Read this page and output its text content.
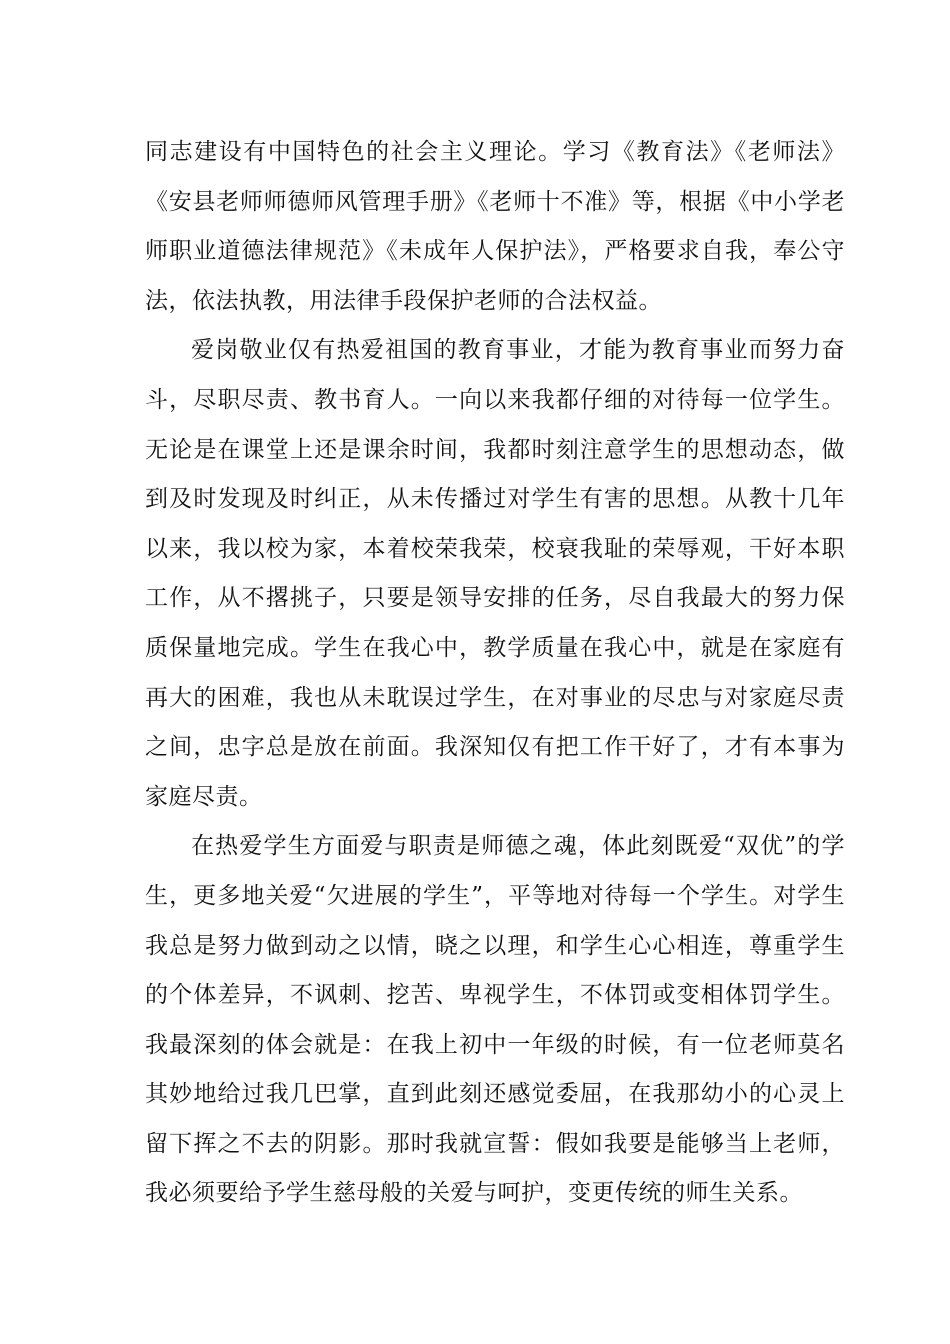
同志建设有中国特色的社会主义理论。学习《教育法》《老师法》《安县老师师德师风管理手册》《老师十不准》等，根据《中小学老师职业道德法律规范》《未成年人保护法》，严格要求自我，奉公守法，依法执教，用法律手段保护老师的合法权益。

爱岗敬业仅有热爱祖国的教育事业，才能为教育事业而努力奋斗，尽职尽责、教书育人。一向以来我都仔细的对待每一位学生。无论是在课堂上还是课余时间，我都时刻注意学生的思想动态，做到及时发现及时纠正，从未传播过对学生有害的思想。从教十几年以来，我以校为家，本着校荣我荣，校衰我耻的荣辱观，干好本职工作，从不撂挑子，只要是领导安排的任务，尽自我最大的努力保质保量地完成。学生在我心中，教学质量在我心中，就是在家庭有再大的困难，我也从未耽误过学生，在对事业的尽忠与对家庭尽责之间，忠字总是放在前面。我深知仅有把工作干好了，才有本事为家庭尽责。

在热爱学生方面爱与职责是师德之魂，体此刻既爱“双优”的学生，更多地关爱“欠进展的学生”，平等地对待每一个学生。对学生我总是努力做到动之以情，晓之以理，和学生心心相连，尊重学生的个体差异，不讽刺、挖苦、卑视学生，不体罚或变相体罚学生。我最深刻的体会就是：在我上初中一年级的时候，有一位老师莫名其妙地给过我几巴掌，直到此刻还感觉委屈，在我那幼小的心灵上留下挥之不去的阴影。那时我就宣誓：假如我要是能够当上老师，我必须要给予学生慈母般的关爱与呵护，变更传统的师生关系。
